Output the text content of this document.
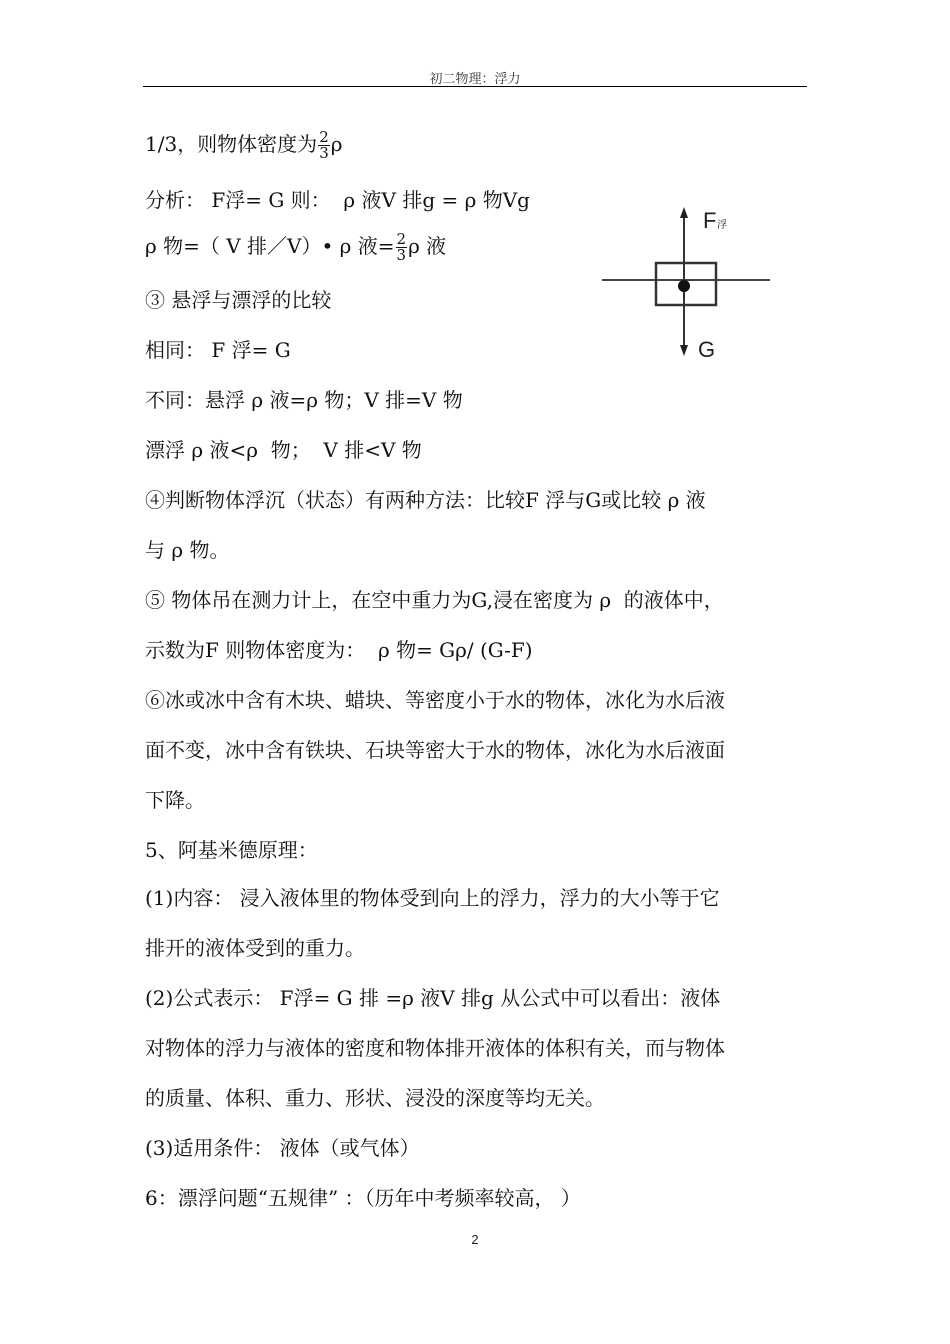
初二物理：浮力
1/3，则物体密度为 $\frac{2}{3}$ ρ
分析： F浮= G 则：  ρ 液V 排g = ρ 物Vg
ρ 物=（ V 排／V）• ρ 液= $\frac{2}{3}$ ρ 液
③ 悬浮与漂浮的比较
相同： F 浮= G
不同：悬浮 ρ 液=ρ 物；V 排=V 物
漂浮 ρ 液<ρ  物；  V 排<V 物
④判断物体浮沉（状态）有两种方法：比较F 浮与G或比较 ρ 液
与 ρ 物。
⑤ 物体吊在测力计上，在空中重力为G,浸在密度为 ρ  的液体中，
示数为F 则物体密度为：  ρ 物= Gρ/ (G-F)
⑥冰或冰中含有木块、蜡块、等密度小于水的物体，冰化为水后液
面不变，冰中含有铁块、石块等密大于水的物体，冰化为水后液面
下降。
5、阿基米德原理：
(1)内容： 浸入液体里的物体受到向上的浮力，浮力的大小等于它
排开的液体受到的重力。
(2)公式表示： F浮= G 排 =ρ 液V 排g 从公式中可以看出：液体
对物体的浮力与液体的密度和物体排开液体的体积有关，而与物体
的质量、体积、重力、形状、浸没的深度等均无关。
(3)适用条件： 液体（或气体）
6：漂浮问题“五规律” ：（历年中考频率较高， ）
F 浮
G
2
